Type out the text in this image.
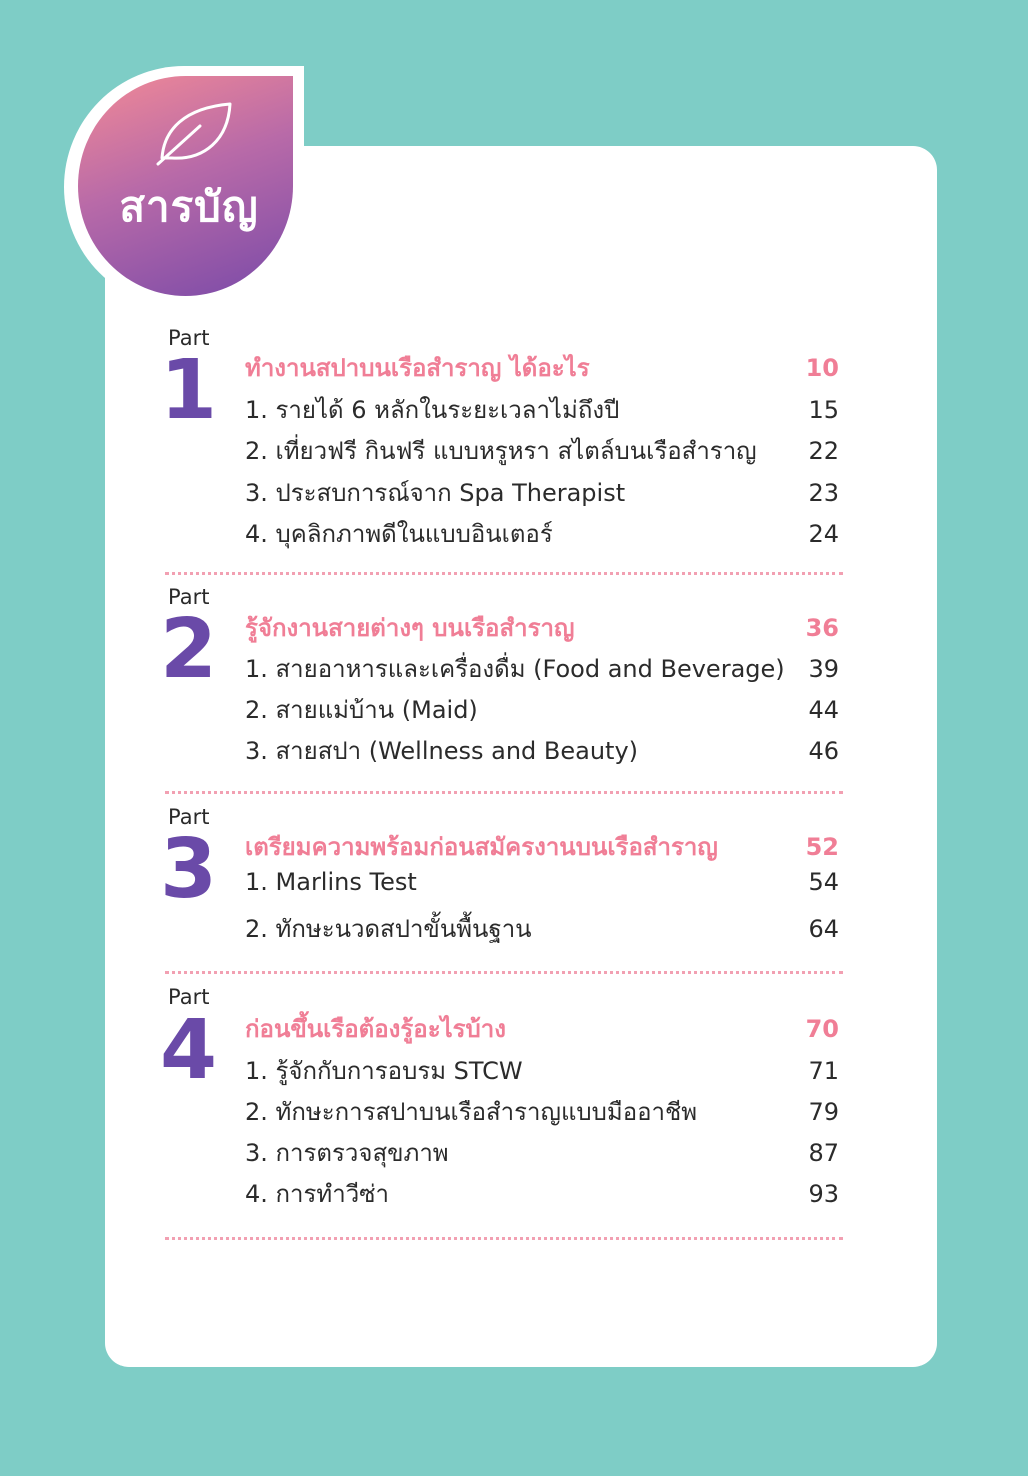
สารบัญ
Part
1	ทำงานสปาบนเรือสำราญ ได้อะไร	10
1. รายได้ 6 หลักในระยะเวลาไม่ถึงปี	15
2. เที่ยวฟรี กินฟรี แบบหรูหรา สไตล์บนเรือสำราญ	22
3. ประสบการณ์จาก Spa Therapist	23
4. บุคลิกภาพดีในแบบอินเตอร์	24
Part
2	รู้จักงานสายต่างๆ บนเรือสำราญ	36
1. สายอาหารและเครื่องดื่ม (Food and Beverage) 39
2. สายแม่บ้าน (Maid)	44
3. สายสปา (Wellness and Beauty)	46
Part
3	เตรียมความพร้อมก่อนสมัครงานบนเรือสำราญ	52
1. Marlins Test	54
2. ทักษะนวดสปาขั้นพื้นฐาน	64
Part
4	ก่อนขึ้นเรือต้องรู้อะไรบ้าง	70
1. รู้จักกับการอบรม STCW	71
2. ทักษะการสปาบนเรือสำราญแบบมืออาชีพ	79
3. การตรวจสุขภาพ	87
4. การทำวีซ่า	93
